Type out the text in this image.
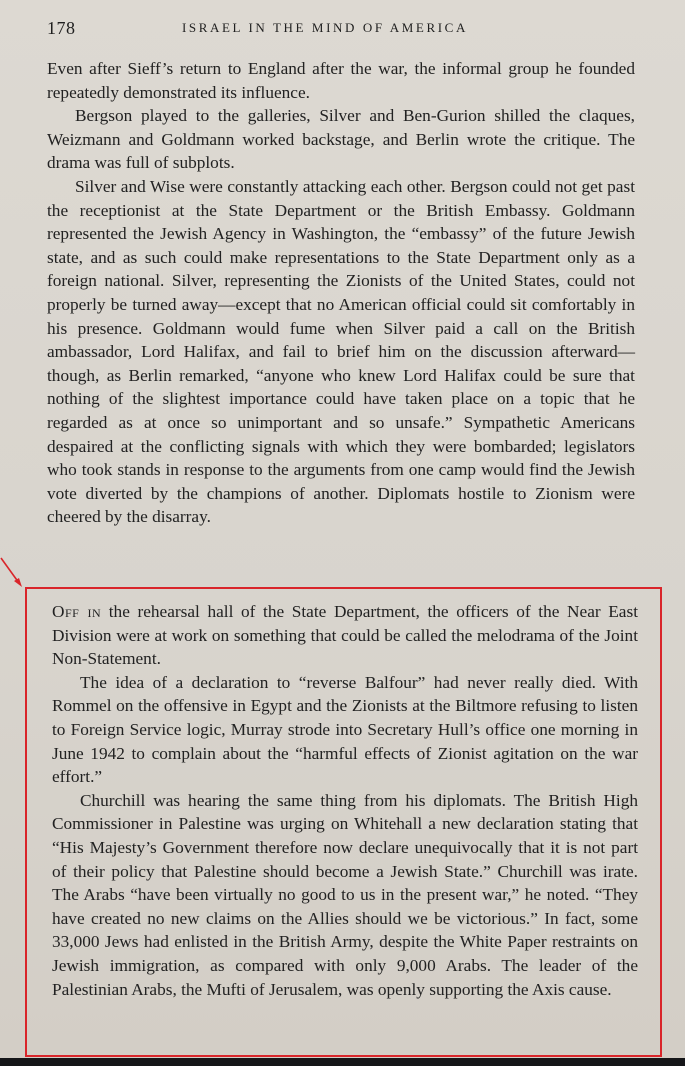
178	ISRAEL IN THE MIND OF AMERICA

Even after Sieff’s return to England after the war, the informal group he founded repeatedly demonstrated its influence.

Bergson played to the galleries, Silver and Ben-Gurion shilled the claques, Weizmann and Goldmann worked backstage, and Berlin wrote the critique. The drama was full of subplots.

Silver and Wise were constantly attacking each other. Bergson could not get past the receptionist at the State Department or the British Embassy. Goldmann represented the Jewish Agency in Washington, the “embassy” of the future Jewish state, and as such could make representations to the State Department only as a foreign national. Silver, representing the Zionists of the United States, could not properly be turned away—except that no American official could sit comfortably in his presence. Goldmann would fume when Silver paid a call on the British ambassador, Lord Halifax, and fail to brief him on the discussion afterward—though, as Berlin remarked, “anyone who knew Lord Halifax could be sure that nothing of the slightest importance could have taken place on a topic that he regarded as at once so unimportant and so unsafe.” Sympathetic Americans despaired at the conflicting signals with which they were bombarded; legislators who took stands in response to the arguments from one camp would find the Jewish vote diverted by the champions of another. Diplomats hostile to Zionism were cheered by the disarray.

Off in the rehearsal hall of the State Department, the officers of the Near East Division were at work on something that could be called the melodrama of the Joint Non-Statement.

The idea of a declaration to “reverse Balfour” had never really died. With Rommel on the offensive in Egypt and the Zionists at the Biltmore refusing to listen to Foreign Service logic, Murray strode into Secretary Hull’s office one morning in June 1942 to complain about the “harmful effects of Zionist agitation on the war effort.”

Churchill was hearing the same thing from his diplomats. The British High Commissioner in Palestine was urging on Whitehall a new declaration stating that “His Majesty’s Government therefore now declare unequivocally that it is not part of their policy that Palestine should become a Jewish State.” Churchill was irate. The Arabs “have been virtually no good to us in the present war,” he noted. “They have created no new claims on the Allies should we be victorious.” In fact, some 33,000 Jews had enlisted in the British Army, despite the White Paper restraints on Jewish immigration, as compared with only 9,000 Arabs. The leader of the Palestinian Arabs, the Mufti of Jerusalem, was openly supporting the Axis cause.
